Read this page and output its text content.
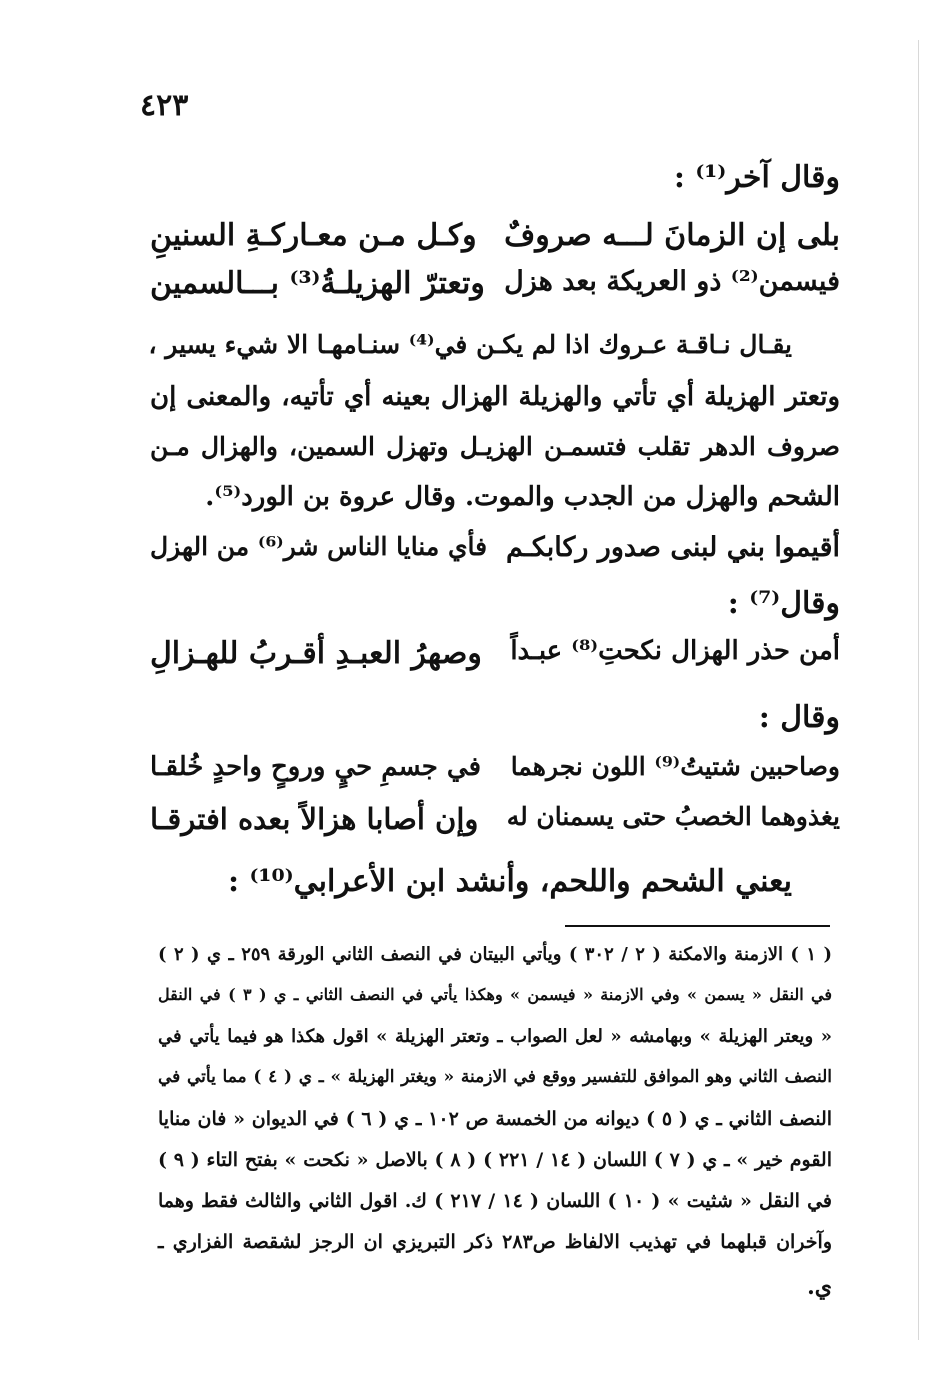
٤٢٣
وقال آخر⁽¹⁾ :
بلى إن الزمانَ لـــه صروفٌ
وكـل مـن معـاركـةِ السنينِ
فيسمن⁽²⁾ ذو العريكة بعد هزل
وتعترّ الهزيلـةُ⁽³⁾ بـــالسمين
يقـال نـاقـة عـروك اذا لم يكـن في⁽⁴⁾ سنـامهـا الا شيء يسير ،
وتعتر الهزيلة أي تأتي والهزيلة الهزال بعينه أي تأتيه، والمعنى إن
صروف الدهر تقلب فتسمـن الهزيـل وتهزل السمين، والهزال مـن
الشحم والهزل من الجدب والموت. وقال عروة بن الورد⁽⁵⁾.
أقيموا بني لبنى صدور ركابكـم
فأي منايا الناس شر⁽⁶⁾ من الهزل
وقال⁽⁷⁾ :
أمن حذر الهزال نكحتِ⁽⁸⁾ عبـداً
وصهرُ العبـدِ أقـربُ للهـزالِ
وقال :
وصاحبين شتيتُ⁽⁹⁾ اللون نجرهما
في جسمِ حيٍ وروحٍ واحدٍ خُلقـا
يغذوهما الخصبُ حتى يسمنان له
وإن أصابا هزالاً بعده افترقـا
يعني الشحم واللحم، وأنشد ابن الأعرابي⁽¹⁰⁾ :
( ١ ) الازمنة والامكنة ( ٢ / ٣٠٢ ) ويأتي البيتان في النصف الثاني الورقة ٢٥٩ ـ ي ( ٢ )
في النقل « يسمن » وفي الازمنة « فيسمن » وهكذا يأتي في النصف الثاني ـ ي ( ٣ ) في النقل
« ويعتر الهزيلة » وبهامشه « لعل الصواب ـ وتعتر الهزيلة » اقول هكذا هو فيما يأتي في
النصف الثاني وهو الموافق للتفسير ووقع في الازمنة « ويغتر الهزيلة » ـ ي ( ٤ ) مما يأتي في
النصف الثاني ـ ي ( ٥ ) ديوانه من الخمسة ص ١٠٢ ـ ي ( ٦ ) في الديوان « فان منايا
القوم خير » ـ ي ( ٧ ) اللسان ( ١٤ / ٢٢١ ) ( ٨ ) بالاصل « نكحت » بفتح التاء ( ٩ )
في النقل « شثيت » ( ١٠ ) اللسان ( ١٤ / ٢١٧ ) ك. اقول الثاني والثالث فقط وهما
وآخران قبلهما في تهذيب الالفاظ ص٢٨٣ ذكر التبريزي ان الرجز لشقصة الفزاري ـ
ي.
